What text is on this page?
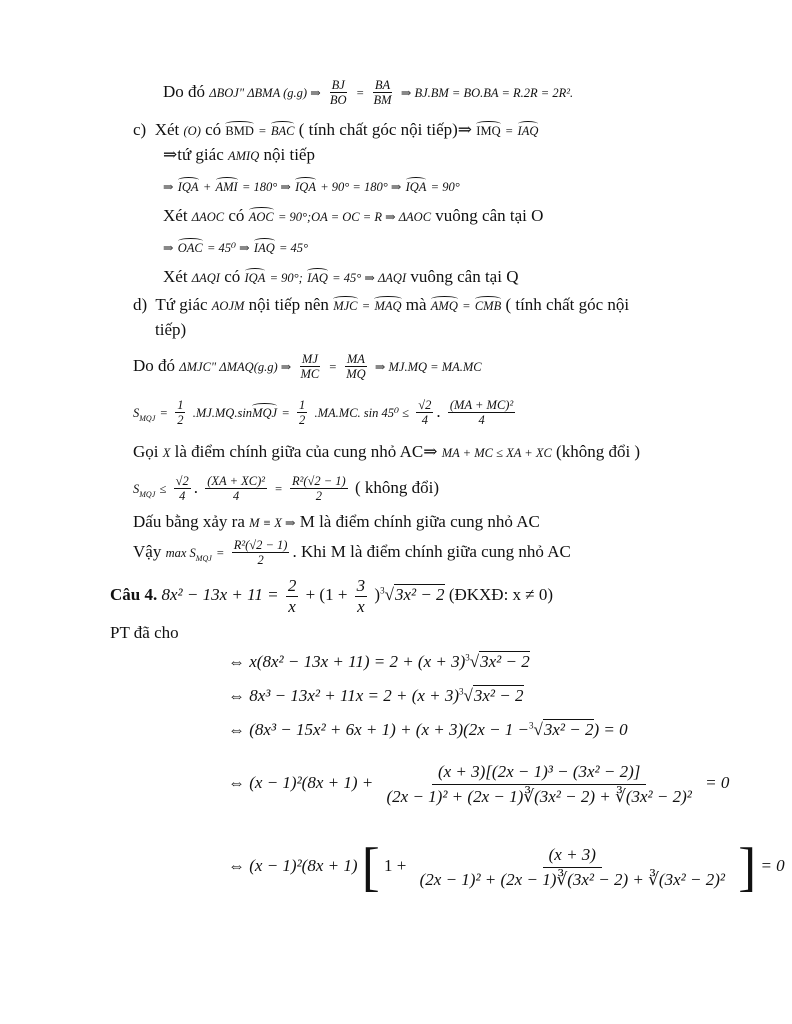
Do đó ΔBOJ" ΔBMA (g.g) ⇒ $\frac{BJ}{BO} = \frac{BA}{BM}$ ⇒ BJ.BM = BO.BA = R.2R = 2R².
c) Xét (O) có BMD = BAC ( tính chất góc nội tiếp)⇒ IMQ = IAQ
⇒tứ giác AMIQ nội tiếp
⇒ IQA + AMI = 180° ⇒ IQA + 90° = 180° ⇒ IQA = 90°
Xét ΔAOC có AOC = 90°;OA = OC = R ⇒ ΔAOC vuông cân tại O
⇒ OAC = 45⁰ ⇒ IAQ = 45°
Xét ΔAQI có IQA = 90°; IAQ = 45° ⇒ ΔAQI vuông cân tại Q
d) Tứ giác AOJM nội tiếp nên MJC = MAQ mà AMQ = CMB ( tính chất góc nội
tiếp)
Do đó ΔMJC" ΔMAQ(g.g) ⇒ $\frac{MJ}{MC} = \frac{MA}{MQ}$ ⇒ MJ.MQ = MA.MC
$S_{MQJ} = \frac{1}{2}$ .MJ.MQ.sinMQJ = $\frac{1}{2} .MA.MC$. $\sin 45^0 \le \frac{√2}{4}$ . $\frac{\text{(MA + MC)²}}{4}$
Gọi X là điểm chính giữa của cung nhỏ AC⇒ MA + MC ≤ XA + XC (không đổi )
$S_{MQJ} \le \frac{√2}{4}$ . $\frac{\text{(XA + XC)²}}{4} = \frac{\text{R²(√2 − 1)}}{2}$ ( không đổi)
Dấu bằng xảy ra M ≡ X ⇒ M là điểm chính giữa cung nhỏ AC
Vậy $\max S_{MQJ} = \frac{\text{R²(√2 − 1)}}{2}$ . Khi M là điểm chính giữa cung nhỏ AC
Câu 4. $8x^2 - 13x + 11 = \frac{2}{x} + (1 + \frac{3}{x} )^3√3x^2 - 2$ (ĐKXĐ: x ≠ 0)
PT đã cho
⇔ $x(8x^2 - 13x + 11) = 2 + (x + 3)^3√3x^2 - 2$
⇔ $8x^3 - 13x^2 + 11x = 2 + (x + 3)^3√3x^2 - 2$
⇔ (8x³ − 15x² + 6x + 1) + (x + 3)(2x − 1 −$^3$√3x² − 2) = 0
⇔ $(x - 1)^2(8x + 1) + \frac{\text{(x + 3)[(2x − 1)³ − (3x² − 2)]}}{\text{(2x − 1)² + (2x − 1)∛(3x² − 2) + ∛(3x² − 2)²}} = 0$
⇔ (x − 1)²(8x + 1) [ $1 + \frac{(x + 3)}{\text{(2x − 1)² + (2x − 1)∛(3x² − 2) + ∛(3x² − 2)²}}$ ] = 0
